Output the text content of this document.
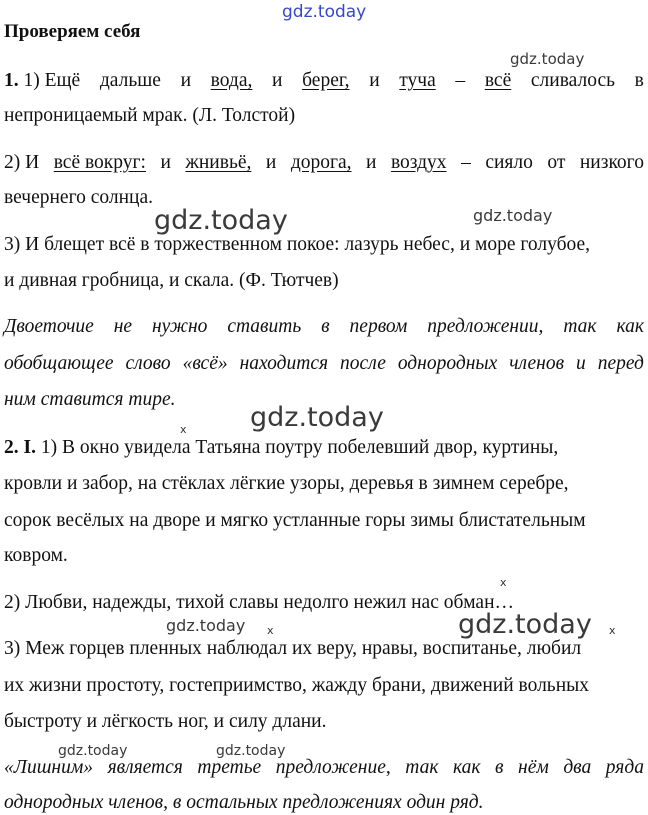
gdz.today
gdz.today
gdz.today	gdz.today
gdz.today
gdz.today	gdz.today
gdz.today	gdz.today
x
x
x	x
Проверяем себя
1. 1) Ещё дальше и вода, и берег, и туча – всё сливалось в
непроницаемый мрак. (Л. Толстой)
2) И всё вокруг: и жнивьё, и дорога, и воздух – сияло от низкого
вечернего солнца.
3) И блещет всё в торжественном покое: лазурь небес, и море голубое,
и дивная гробница, и скала. (Ф. Тютчев)
Двоеточие не нужно ставить в первом предложении, так как
обобщающее слово «всё» находится после однородных членов и перед
ним ставится тире.
2. I. 1) В окно увидела Татьяна поутру побелевший двор, куртины,
кровли и забор, на стёклах лёгкие узоры, деревья в зимнем серебре,
сорок весёлых на дворе и мягко устланные горы зимы блистательным
ковром.
2) Любви, надежды, тихой славы недолго нежил нас обман…
3) Меж горцев пленных наблюдал их веру, нравы, воспитанье, любил
их жизни простоту, гостеприимство, жажду брани, движений вольных
быстроту и лёгкость ног, и силу длани.
«Лишним» является третье предложение, так как в нём два ряда
однородных членов, в остальных предложениях один ряд.
